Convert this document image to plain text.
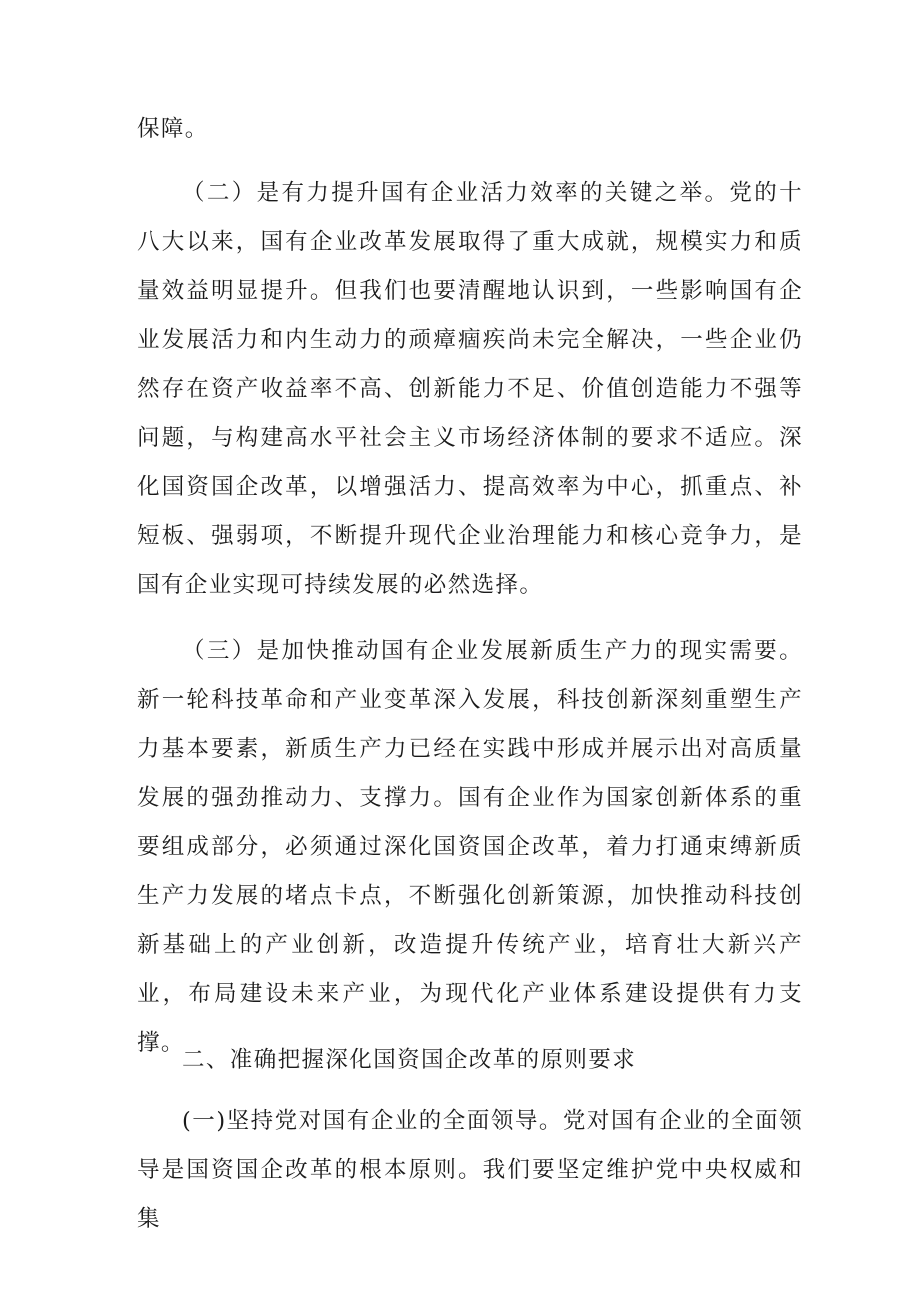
保障。
（二）是有力提升国有企业活力效率的关键之举。党的十八大以来，国有企业改革发展取得了重大成就，规模实力和质量效益明显提升。但我们也要清醒地认识到，一些影响国有企业发展活力和内生动力的顽瘴痼疾尚未完全解决，一些企业仍然存在资产收益率不高、创新能力不足、价值创造能力不强等问题，与构建高水平社会主义市场经济体制的要求不适应。深化国资国企改革，以增强活力、提高效率为中心，抓重点、补短板、强弱项，不断提升现代企业治理能力和核心竞争力，是国有企业实现可持续发展的必然选择。
（三）是加快推动国有企业发展新质生产力的现实需要。新一轮科技革命和产业变革深入发展，科技创新深刻重塑生产力基本要素，新质生产力已经在实践中形成并展示出对高质量发展的强劲推动力、支撑力。国有企业作为国家创新体系的重要组成部分，必须通过深化国资国企改革，着力打通束缚新质生产力发展的堵点卡点，不断强化创新策源，加快推动科技创新基础上的产业创新，改造提升传统产业，培育壮大新兴产业，布局建设未来产业，为现代化产业体系建设提供有力支撑。
二、准确把握深化国资国企改革的原则要求
(一)坚持党对国有企业的全面领导。党对国有企业的全面领导是国资国企改革的根本原则。我们要坚定维护党中央权威和集
